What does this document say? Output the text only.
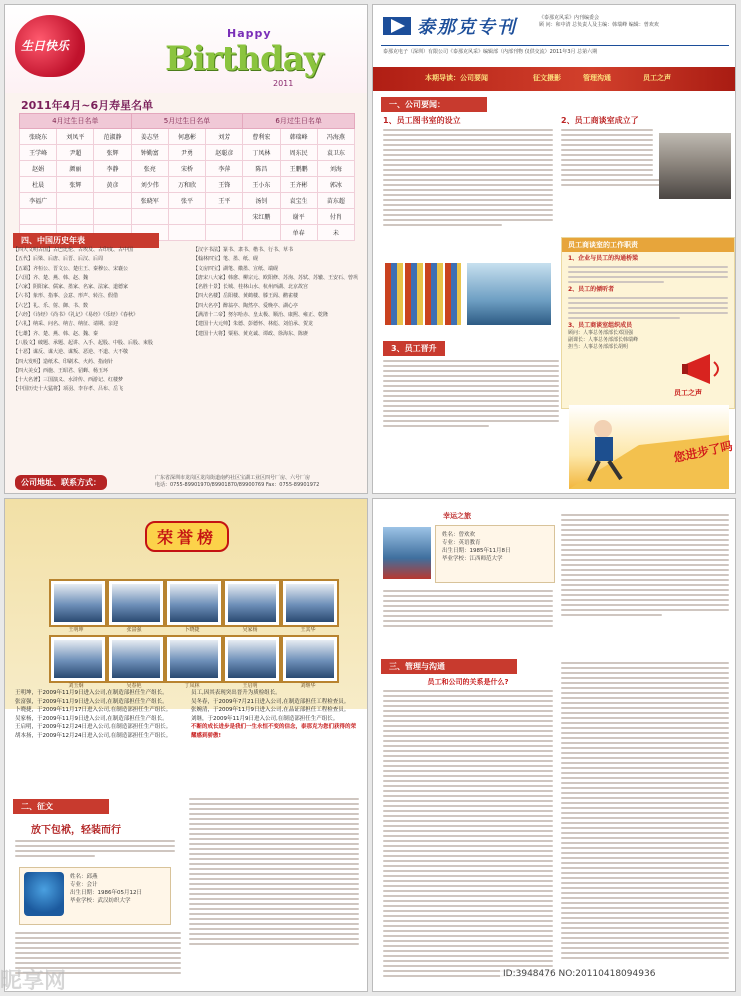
生日快乐
Happy
Birthday
2011
2011年4月~6月寿星名单
4月过生日名单			5月过生日名单			6月过生日名单		
张晓东	刘凤平	范淑静	姜志坚	何惠彬	刘芳	曹利宏	韩瑞峰	冯海燕
王学峰	尹超	张辉	钟勤富	尹勇	赵聪彦	丁凤林	周东民	袁卫东
赵娟	颜丽	李静	张亮	宋桥	李萍	陈昌	王鹏鹏	刘海
杜晨	张辉	黄彦	刘少伟	万和欣	王锋	王小东	王齐彬	郭冰
李福广			张晓军	张平	王平	汤钊	袁宝生	苗东超
						宋红鹏	谢平	付肖
							单春	未
四、中国历史年表
【四大文明古国】古巴比伦、古埃及、古印度、古中国
【五代】后梁、后唐、后晋、后汉、后周
【五霸】齐桓公、晋文公、楚庄王、秦穆公、宋襄公
【六国】齐、楚、燕、韩、赵、魏
【六家】阴阳家、儒家、墨家、名家、法家、道德家
【六书】象形、指事、会意、形声、转注、假借
【六艺】礼、乐、射、御、书、数
【六经】《诗经》《尚书》《礼记》《易经》《乐经》《春秋》
【六礼】纳采、问名、纳吉、纳征、请期、亲迎
【七雄】齐、楚、燕、韩、赵、魏、秦
【八股文】破题、承题、起讲、入手、起股、中股、后股、束股
【十恶】谋反、谋大逆、谋叛、恶逆、不道、大不敬
【四大发明】造纸术、印刷术、火药、指南针
【四大美女】西施、王昭君、貂蝉、杨玉环
【十大名著】三国演义、水浒传、西游记、红楼梦
【中国历史十大猛将】项羽、李存孝、吕布、岳飞
【汉字书法】篆书、隶书、楷书、行书、草书
【翰林四宝】笔、墨、纸、砚
【文房四宝】湖笔、徽墨、宣纸、端砚
【唐宋八大家】韩愈、柳宗元、欧阳修、苏洵、苏轼、苏辙、王安石、曾巩
【名胜十景】长城、桂林山水、杭州西湖、北京故宫
【四大名楼】岳阳楼、黄鹤楼、滕王阁、鹳雀楼
【四大名亭】醉翁亭、陶然亭、爱晚亭、湖心亭
【满清十二帝】努尔哈赤、皇太极、顺治、康熙、雍正、乾隆
【建国十大元帅】朱德、彭德怀、林彪、刘伯承、贺龙
【建国十大将】粟裕、黄克诚、谭政、徐海东、陈赓
公司地址、联系方式：	广东省深圳市龙岗区龙岗街道南约社区宝湖工业区四号厂房、六号厂房
电话：0755-89901970/89901870/89900769 Fax：0755-89901972
泰那克专刊	《泰那克风采》内刊编委会
顾 问：和中清 总负责人及主编：韩瑞峰 编辑：曾欢欢
泰那克电子（深圳）有限公司《泰那克风采》编辑部（内部刊物 仅供交流）2011年3月 总第六期
本期导读：公司要闻	征文摄影	管理沟通	员工之声
一、公司要闻：
1、员工图书室的设立	2、员工商谈室成立了
员工商谈室的工作职责
1、企业与员工的沟通桥梁
2、员工的倾听者
3、员工商谈室组织成员
顾问：人事总务部部长邓国强
副课长：人事总务部部长韩瑞峰
担当：人事总务部部长胡明
员工之声
3、员工晋升
您进步了吗
荣誉榜
王明坤，于2009年11月9日进入公司,在制造部担任生产组长。
张富强，于2009年11月9日进入公司,在制造部担任生产组长。
卜晓捷，于2009年11月17日进入公司,在制造部担任生产组长。
吴家杨，于2009年11月9日进入公司,在制造部担任生产组长。
王启明，于2009年12月24日进入公司,在制造部担任生产组长。
胡本扬，于2009年12月24日进入公司,在制造部担任生产组长。
员工,因其表现突出晋升为质检组长。
吴冬春，于2009年7月21日进入公司,在制造部担任工程检查员。
张婉清，于2009年11月9日进入公司,在品证部担任工程检查员。
刘继，于2009年11月9日进入公司,在制造部担任生产组长。
不断的成长进步是我们一生永恒不变的信念，泰那克为您们获得的荣耀感到骄傲!
二、征文
放下包袱，轻装而行
姓名：邱燕
专业：会计
出生日期：1986年05月12日
毕业学校：武汉纺织大学
王明坤	张富强	卜晓捷	吴家杨	王其华
刘玉炯	吴春艳	丁凤林	王启明	刘继华
幸运之旅
姓名：曾欢欢
专业：英语教育
出生日期：1985年11月8日
毕业学校：江西师范大学
三、管理与沟通
员工和公司的关系是什么?
昵享网	ID:3948476 NO:20110418094936
